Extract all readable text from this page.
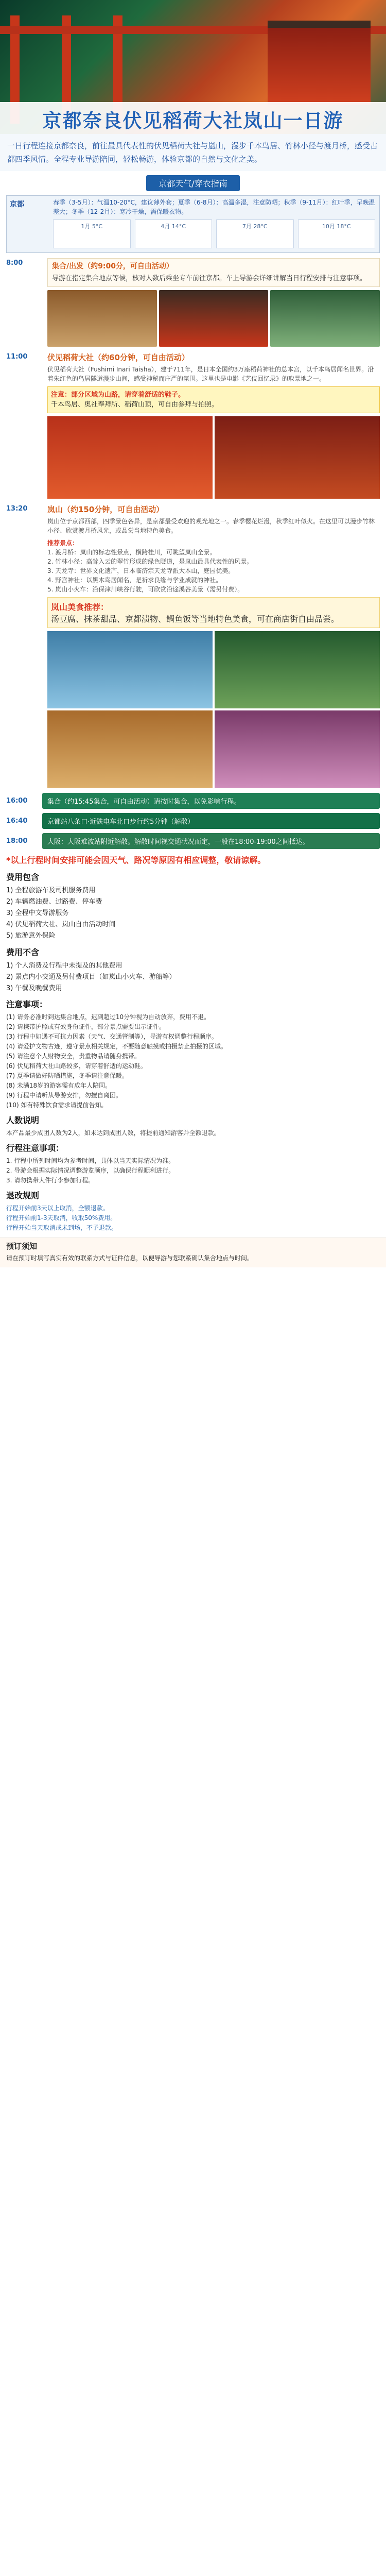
京都奈良伏见稻荷大社岚山一日游
一日行程连接京都奈良，前往最具代表性的伏见稻荷大社与嵐山，漫步千本鸟居、竹林小径与渡月桥，感受古都四季风情。全程专业导游陪同，轻松畅游，体验京都的自然与文化之美。
京都天气/穿衣指南
京都	春季（3-5月）：气温10-20°C，建议薄外套；夏季（6-8月）：高温多湿，注意防晒；秋季（9-11月）：红叶季，早晚温差大；冬季（12-2月）：寒冷干燥，需保暖衣物。
1月 5°C	4月 14°C	7月 28°C	10月 18°C
8:00	集合/出发（约9:00分，可自由活动）
导游在指定集合地点等候，核对人数后乘坐专车前往京都。车上导游会详细讲解当日行程安排与注意事项。
11:00	伏见稻荷大社（约60分钟，可自由活动）
伏见稻荷大社（Fushimi Inari Taisha），建于711年，是日本全国约3万座稻荷神社的总本宫，以千本鸟居闻名世界。沿着朱红色的鸟居隧道漫步山间，感受神秘而庄严的氛围。这里也是电影《艺伎回忆录》的取景地之一。
注意：部分区域为山路，请穿着舒适的鞋子。
千本鸟居、奥社奉拜所、稻荷山顶，可自由参拜与拍照。
13:20	岚山（约150分钟，可自由活动）
岚山位于京都西部，四季景色各异，是京都最受欢迎的观光地之一。春季樱花烂漫，秋季红叶似火。在这里可以漫步竹林小径、欣赏渡月桥风光，或品尝当地特色美食。
推荐景点：
1. 渡月桥：岚山的标志性景点，横跨桂川，可眺望岚山全景。
2. 竹林小径：高耸入云的翠竹形成的绿色隧道，是岚山最具代表性的风景。
3. 天龙寺：世界文化遗产，日本临济宗天龙寺派大本山，庭园优美。
4. 野宫神社：以黑木鸟居闻名，是祈求良缘与学业成就的神社。
5. 岚山小火车：沿保津川峡谷行驶，可欣赏沿途溪谷美景（需另付费）。
岚山美食推荐：
汤豆腐、抹茶甜品、京都渍物、鲷鱼饭等当地特色美食，可在商店街自由品尝。
16:00	集合（约15:45集合，可自由活动）请按时集合，以免影响行程。
16:40	京都站八条口·近鉄电车北口步行约5分钟（解散）
18:00	大阪：大阪难波站附近解散。解散时间视交通状况而定，一般在18:00-19:00之间抵达。
*以上行程时间安排可能会因天气、路况等原因有相应调整，敬请谅解。
费用包含
1) 全程旅游车及司机服务费用
2) 车辆燃油费、过路费、停车费
3) 全程中文导游服务
4) 伏见稻荷大社、岚山自由活动时间
5) 旅游意外保险
费用不含
1) 个人消费及行程中未提及的其他费用
2) 景点内小交通及另付费项目（如岚山小火车、游船等）
3) 午餐及晚餐费用
注意事项：
(1) 请务必准时到达集合地点，迟到超过10分钟视为自动放弃，费用不退。
(2) 请携带护照或有效身份证件，部分景点需要出示证件。
(3) 行程中如遇不可抗力因素（天气、交通管制等），导游有权调整行程顺序。
(4) 请爱护文物古迹，遵守景点相关规定，不要随意触摸或拍摄禁止拍摄的区域。
(5) 请注意个人财物安全，贵重物品请随身携带。
(6) 伏见稻荷大社山路较多，请穿着舒适的运动鞋。
(7) 夏季请做好防晒措施，冬季请注意保暖。
(8) 未满18岁的游客需有成年人陪同。
(9) 行程中请听从导游安排，勿擅自离团。
(10) 如有特殊饮食需求请提前告知。
人数说明
本产品最少成团人数为2人，如未达到成团人数，将提前通知游客并全额退款。
行程注意事项：
1. 行程中所列时间均为参考时间，具体以当天实际情况为准。
2. 导游会根据实际情况调整游览顺序，以确保行程顺利进行。
3. 请勿携带大件行李参加行程。
退改规则
行程开始前3天以上取消，全额退款。
行程开始前1-3天取消，收取50%费用。
行程开始当天取消或未到场，不予退款。
预订须知
请在预订时填写真实有效的联系方式与证件信息，以便导游与您联系确认集合地点与时间。
